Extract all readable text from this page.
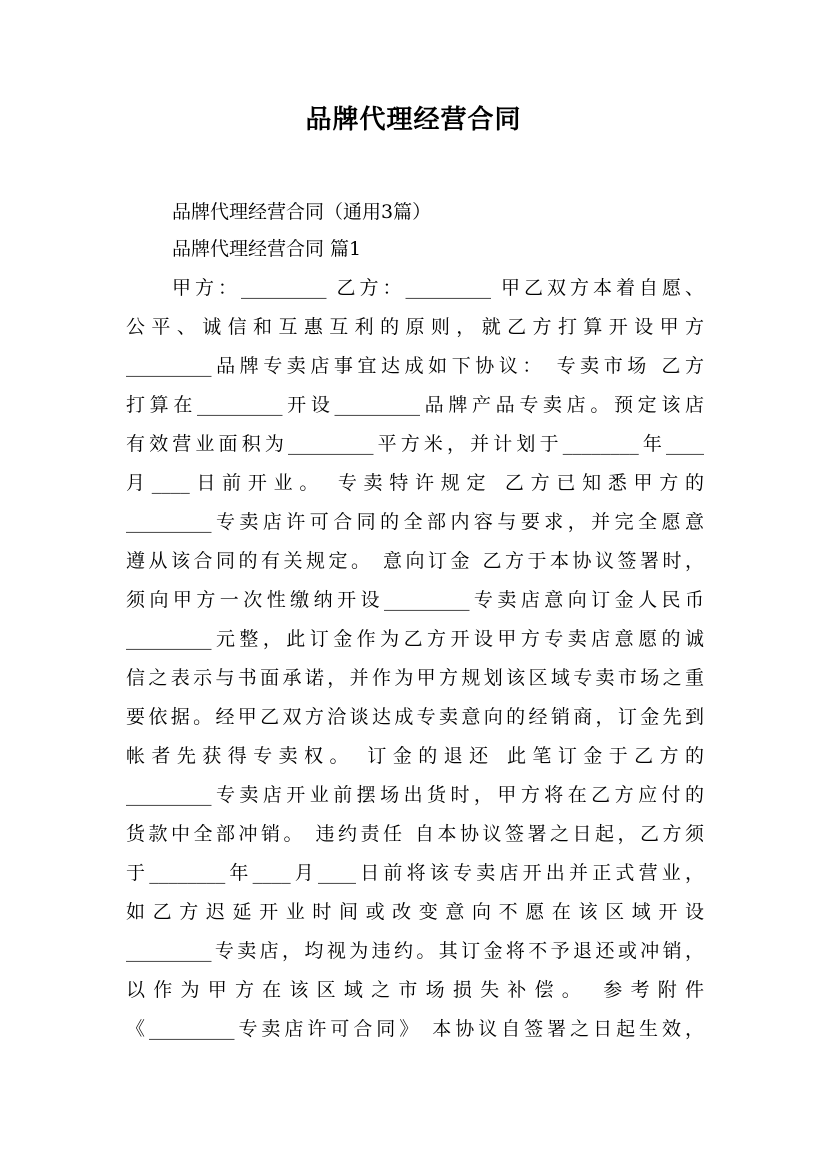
品牌代理经营合同
品牌代理经营合同（通用3篇）
品牌代理经营合同 篇1
甲方：_________ 乙方：_________ 甲乙双方本着自愿、
公平、诚信和互惠互利的原则，就乙方打算开设甲方
_________品牌专卖店事宜达成如下协议： 专卖市场 乙方
打算在_________开设_________品牌产品专卖店。预定该店
有效营业面积为_________平方米，并计划于________年____
月____日前开业。 专卖特许规定 乙方已知悉甲方的
_________专卖店许可合同的全部内容与要求，并完全愿意
遵从该合同的有关规定。 意向订金 乙方于本协议签署时，
须向甲方一次性缴纳开设_________专卖店意向订金人民币
_________元整，此订金作为乙方开设甲方专卖店意愿的诚
信之表示与书面承诺，并作为甲方规划该区域专卖市场之重
要依据。经甲乙双方洽谈达成专卖意向的经销商，订金先到
帐者先获得专卖权。 订金的退还 此笔订金于乙方的
_________专卖店开业前摆场出货时，甲方将在乙方应付的
货款中全部冲销。 违约责任 自本协议签署之日起，乙方须
于________年____月____日前将该专卖店开出并正式营业，
如乙方迟延开业时间或改变意向不愿在该区域开设
_________专卖店，均视为违约。其订金将不予退还或冲销，
以作为甲方在该区域之市场损失补偿。 参考附件
《_________专卖店许可合同》 本协议自签署之日起生效，
